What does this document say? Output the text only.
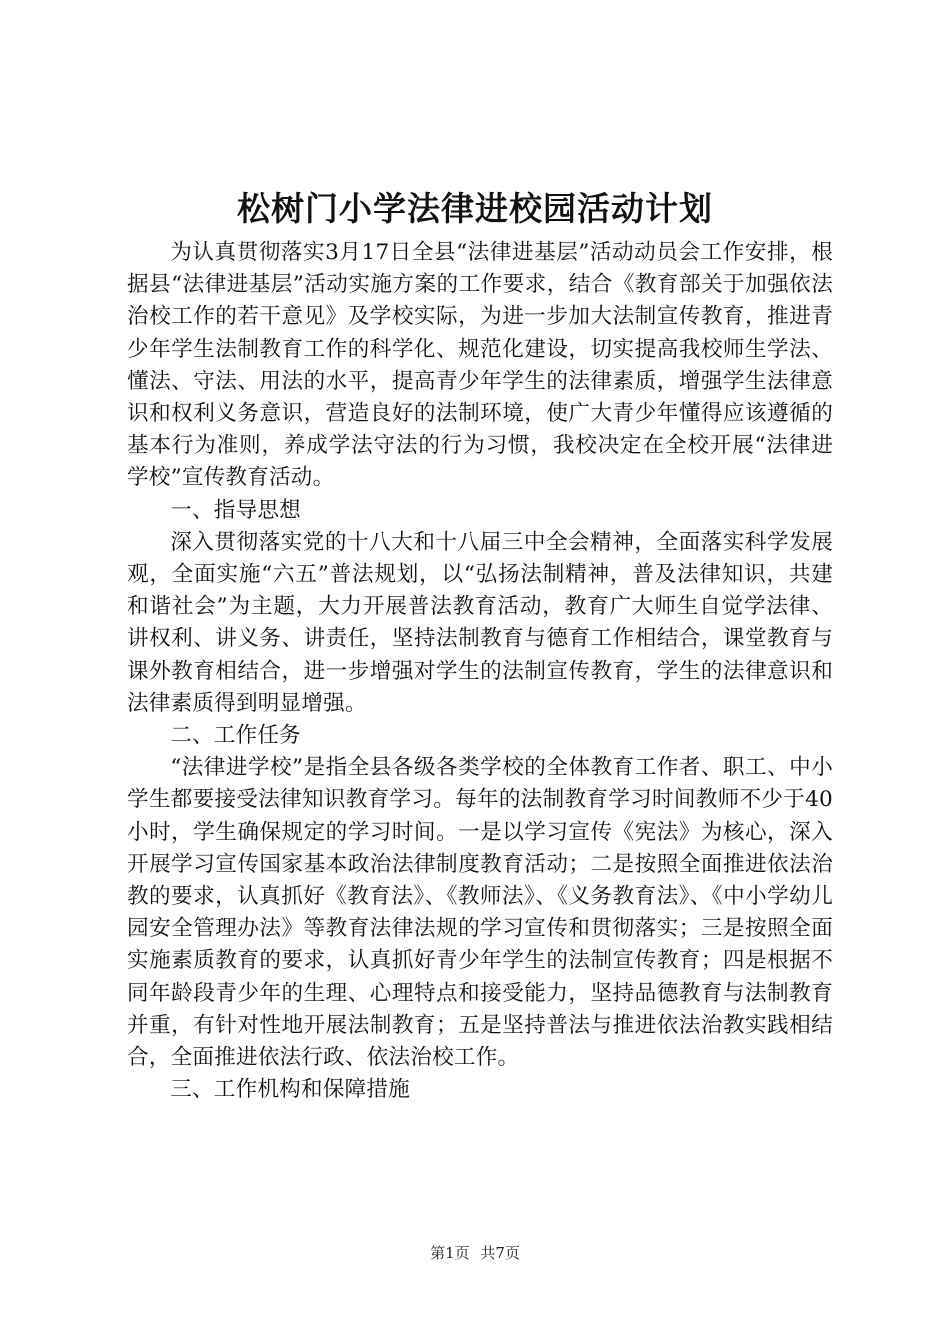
松树门小学法律进校园活动计划

为认真贯彻落实3月17日全县“法律进基层”活动动员会工作安排，根据县“法律进基层”活动实施方案的工作要求，结合《教育部关于加强依法治校工作的若干意见》及学校实际，为进一步加大法制宣传教育，推进青少年学生法制教育工作的科学化、规范化建设，切实提高我校师生学法、懂法、守法、用法的水平，提高青少年学生的法律素质，增强学生法律意识和权利义务意识，营造良好的法制环境，使广大青少年懂得应该遵循的基本行为准则，养成学法守法的行为习惯，我校决定在全校开展“法律进学校”宣传教育活动。

一、指导思想

深入贯彻落实党的十八大和十八届三中全会精神，全面落实科学发展观，全面实施“六五”普法规划，以“弘扬法制精神，普及法律知识，共建和谐社会”为主题，大力开展普法教育活动，教育广大师生自觉学法律、讲权利、讲义务、讲责任，坚持法制教育与德育工作相结合，课堂教育与课外教育相结合，进一步增强对学生的法制宣传教育，学生的法律意识和法律素质得到明显增强。

二、工作任务

“法律进学校”是指全县各级各类学校的全体教育工作者、职工、中小学生都要接受法律知识教育学习。每年的法制教育学习时间教师不少于40小时，学生确保规定的学习时间。一是以学习宣传《宪法》为核心，深入开展学习宣传国家基本政治法律制度教育活动；二是按照全面推进依法治教的要求，认真抓好《教育法》、《教师法》、《义务教育法》、《中小学幼儿园安全管理办法》等教育法律法规的学习宣传和贯彻落实；三是按照全面实施素质教育的要求，认真抓好青少年学生的法制宣传教育；四是根据不同年龄段青少年的生理、心理特点和接受能力，坚持品德教育与法制教育并重，有针对性地开展法制教育；五是坚持普法与推进依法治教实践相结合，全面推进依法行政、依法治校工作。

三、工作机构和保障措施

第1页 共7页
